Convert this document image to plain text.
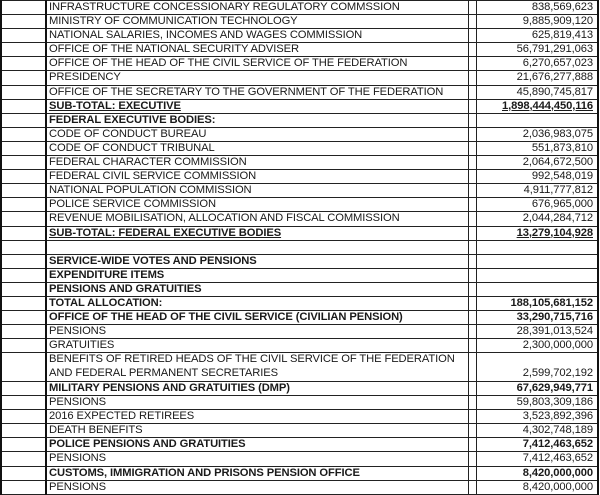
	INFRASTRUCTURE CONCESSIONARY REGULATORY COMMSSION		838,569,623
	MINISTRY OF COMMUNICATION TECHNOLOGY		9,885,909,120
	NATIONAL SALARIES, INCOMES AND WAGES COMMISSION		625,819,413
	OFFICE OF THE NATIONAL SECURITY ADVISER		56,791,291,063
	OFFICE OF THE HEAD OF THE CIVIL SERVICE OF THE FEDERATION		6,270,657,023
	PRESIDENCY		21,676,277,888
	OFFICE OF THE SECRETARY TO THE GOVERNMENT OF THE FEDERATION		45,890,745,817
	SUB-TOTAL: EXECUTIVE		1,898,444,450,116
	FEDERAL EXECUTIVE BODIES:		
	CODE OF CONDUCT BUREAU		2,036,983,075
	CODE OF CONDUCT TRIBUNAL		551,873,810
	FEDERAL CHARACTER COMMISSION		2,064,672,500
	FEDERAL CIVIL SERVICE COMMISSION		992,548,019
	NATIONAL POPULATION COMMISSION		4,911,777,812
	POLICE SERVICE COMMISSION		676,965,000
	REVENUE MOBILISATION, ALLOCATION AND FISCAL COMMISSION		2,044,284,712
	SUB-TOTAL: FEDERAL EXECUTIVE BODIES		13,279,104,928

	SERVICE-WIDE VOTES AND PENSIONS		
	EXPENDITURE ITEMS		
	PENSIONS AND GRATUITIES		
	TOTAL ALLOCATION:		188,105,681,152
	OFFICE OF THE HEAD OF THE CIVIL SERVICE (CIVILIAN PENSION)		33,290,715,716
	PENSIONS		28,391,013,524
	GRATUITIES		2,300,000,000
	BENEFITS OF RETIRED HEADS OF THE CIVIL SERVICE OF THE FEDERATION AND FEDERAL PERMANENT SECRETARIES		2,599,702,192
	MILITARY PENSIONS AND GRATUITIES (DMP)		67,629,949,771
	PENSIONS		59,803,309,186
	2016 EXPECTED RETIREES		3,523,892,396
	DEATH BENEFITS		4,302,748,189
	POLICE PENSIONS AND GRATUITIES		7,412,463,652
	PENSIONS		7,412,463,652
	CUSTOMS, IMMIGRATION AND PRISONS PENSION OFFICE		8,420,000,000
	PENSIONS		8,420,000,000
